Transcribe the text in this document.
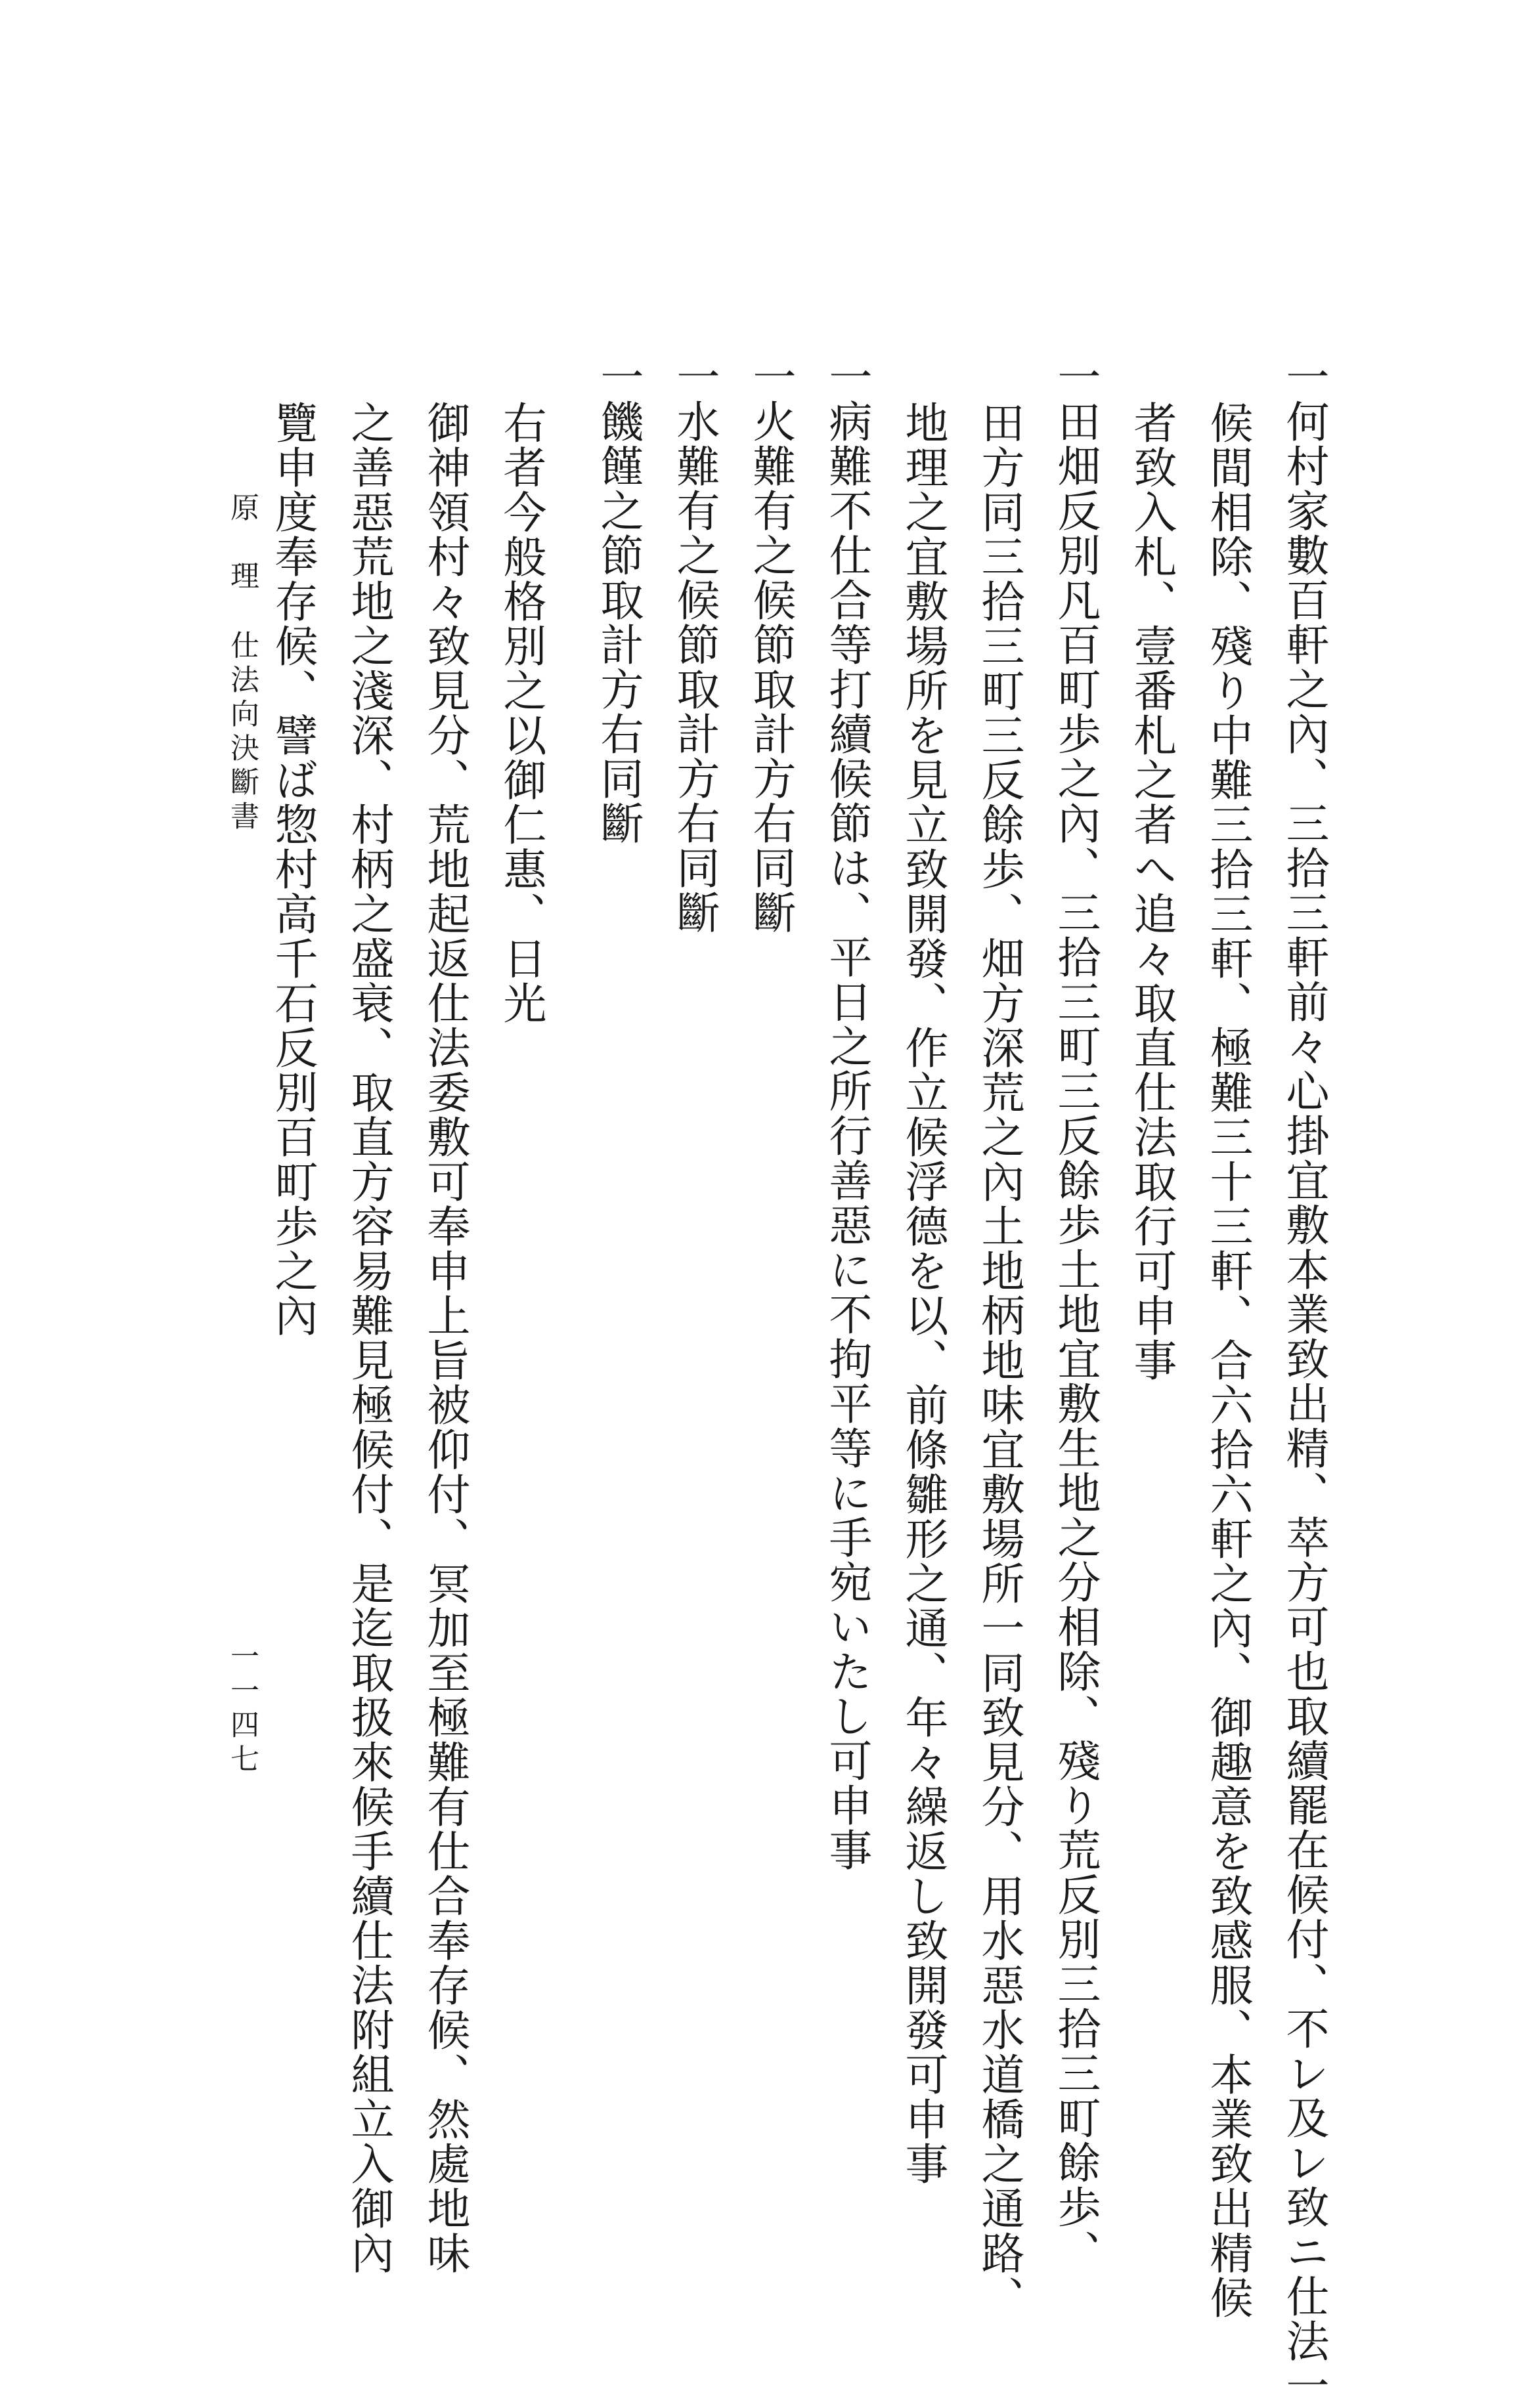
一何村家數百軒之內、三拾三軒前々心掛宜敷本業致出精、萃方可也取續罷在候付、不レ及レ致ニ仕法一
候間相除、殘り中難三拾三軒、極難三十三軒、合六拾六軒之內、御趣意を致感服、本業致出精候
者致入札、壹番札之者へ追々取直仕法取行可申事
一田畑反別凡百町歩之內、三拾三町三反餘歩土地宜敷生地之分相除、殘り荒反別三拾三町餘歩、
田方同三拾三町三反餘歩、畑方深荒之內土地柄地味宜敷場所一同致見分、用水惡水道橋之通路、
地理之宜敷場所を見立致開發、作立候浮德を以、前條雛形之通、年々繰返し致開發可申事
一病難不仕合等打續候節は、平日之所行善惡に不拘平等に手宛いたし可申事
一火難有之候節取計方右同斷
一水難有之候節取計方右同斷
一饑饉之節取計方右同斷
右者今般格別之以御仁惠、日光
御神領村々致見分、荒地起返仕法委敷可奉申上旨被仰付、冥加至極難有仕合奉存候、然處地味
之善惡荒地之淺深、村柄之盛衰、取直方容易難見極候付、是迄取扱來候手續仕法附組立入御內
覽申度奉存候、譬ば惣村高千石反別百町歩之內
原　理
仕法向決斷書
一一四七
